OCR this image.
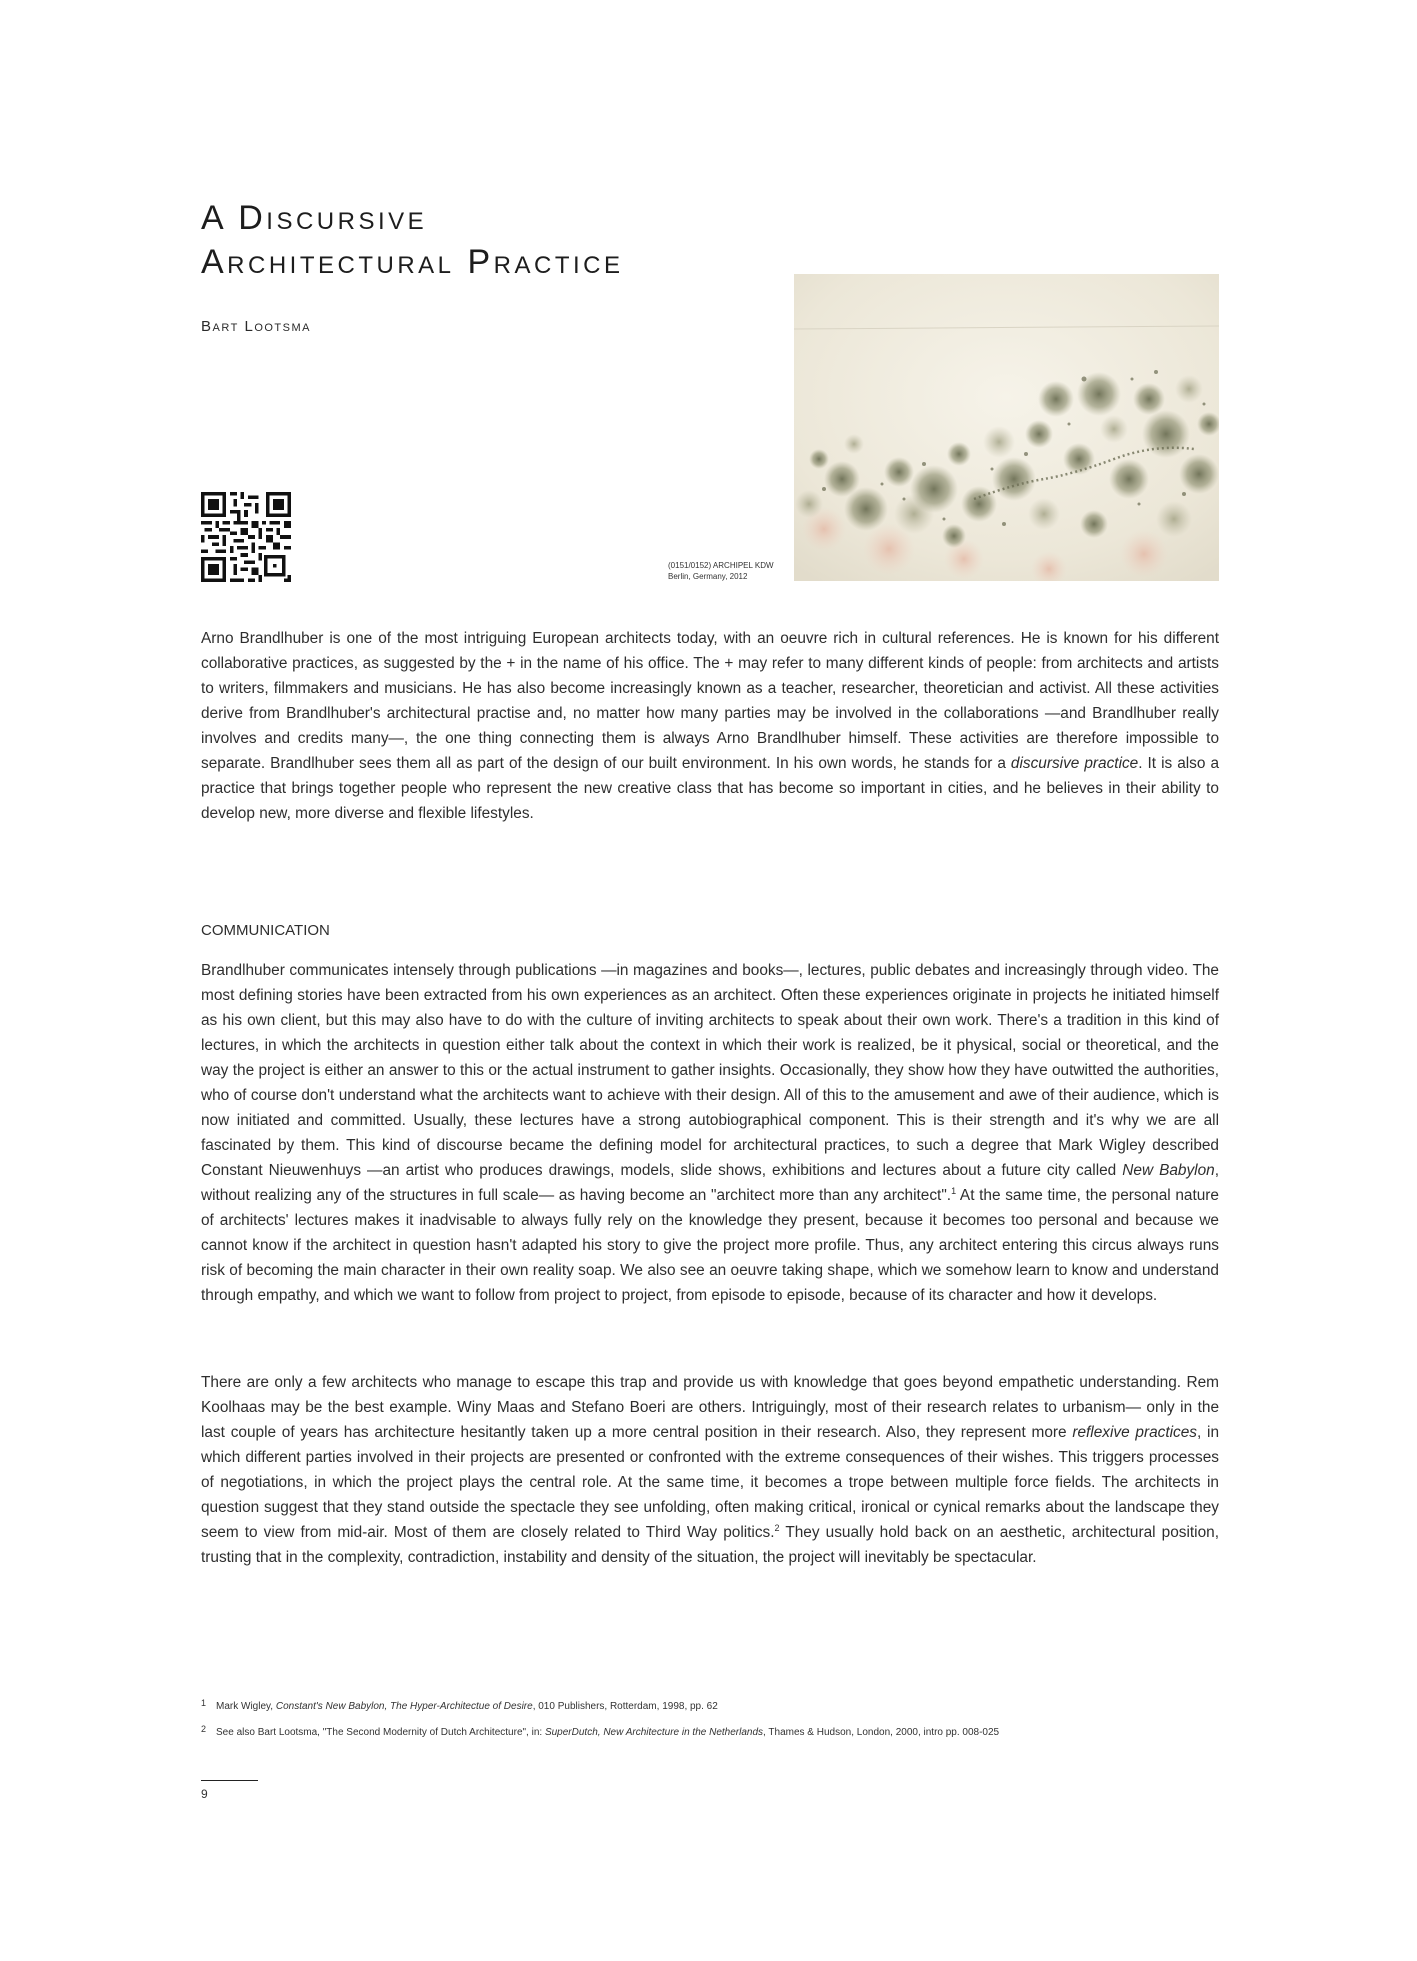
A Discursive
Architectural Practice
Bart Lootsma
(0151/0152) ARCHIPEL KDW
Berlin, Germany, 2012

Arno Brandlhuber is one of the most intriguing European architects today, with an oeuvre rich in cultural references. He is known for his different collaborative practices, as suggested by the + in the name of his office. The + may refer to many different kinds of people: from architects and artists to writers, filmmakers and musicians. He has also become increasingly known as a teacher, researcher, theoretician and activist. All these activities derive from Brandlhuber's architectural practise and, no matter how many parties may be involved in the collaborations —and Brandlhuber really involves and credits many—, the one thing connecting them is always Arno Brandlhuber himself. These activities are therefore impossible to separate. Brandlhuber sees them all as part of the design of our built environment. In his own words, he stands for a discursive practice. It is also a practice that brings together people who represent the new creative class that has become so important in cities, and he believes in their ability to develop new, more diverse and flexible lifestyles.

COMMUNICATION

Brandlhuber communicates intensely through publications —in magazines and books—, lectures, public debates and increasingly through video. The most defining stories have been extracted from his own experiences as an architect. Often these experiences originate in projects he initiated himself as his own client, but this may also have to do with the culture of inviting architects to speak about their own work. There's a tradition in this kind of lectures, in which the architects in question either talk about the context in which their work is realized, be it physical, social or theoretical, and the way the project is either an answer to this or the actual instrument to gather insights. Occasionally, they show how they have outwitted the authorities, who of course don't understand what the architects want to achieve with their design. All of this to the amusement and awe of their audience, which is now initiated and committed. Usually, these lectures have a strong autobiographical component. This is their strength and it's why we are all fascinated by them. This kind of discourse became the defining model for architectural practices, to such a degree that Mark Wigley described Constant Nieuwenhuys —an artist who produces drawings, models, slide shows, exhibitions and lectures about a future city called New Babylon, without realizing any of the structures in full scale— as having become an "architect more than any architect".$^1$ At the same time, the personal nature of architects' lectures makes it inadvisable to always fully rely on the knowledge they present, because it becomes too personal and because we cannot know if the architect in question hasn't adapted his story to give the project more profile. Thus, any architect entering this circus always runs risk of becoming the main character in their own reality soap. We also see an oeuvre taking shape, which we somehow learn to know and understand through empathy, and which we want to follow from project to project, from episode to episode, because of its character and how it develops.

There are only a few architects who manage to escape this trap and provide us with knowledge that goes beyond empathetic understanding. Rem Koolhaas may be the best example. Winy Maas and Stefano Boeri are others. Intriguingly, most of their research relates to urbanism— only in the last couple of years has architecture hesitantly taken up a more central position in their research. Also, they represent more reflexive practices, in which different parties involved in their projects are presented or confronted with the extreme consequences of their wishes. This triggers processes of negotiations, in which the project plays the central role. At the same time, it becomes a trope between multiple force fields. The architects in question suggest that they stand outside the spectacle they see unfolding, often making critical, ironical or cynical remarks about the landscape they seem to view from mid-air. Most of them are closely related to Third Way politics.$^2$ They usually hold back on an aesthetic, architectural position, trusting that in the complexity, contradiction, instability and density of the situation, the project will inevitably be spectacular.

$^1$ Mark Wigley, Constant's New Babylon, The Hyper-Architectue of Desire, 010 Publishers, Rotterdam, 1998, pp. 62
$^2$ See also Bart Lootsma, "The Second Modernity of Dutch Architecture", in: SuperDutch, New Architecture in the Netherlands, Thames & Hudson, London, 2000, intro pp. 008-025
9
